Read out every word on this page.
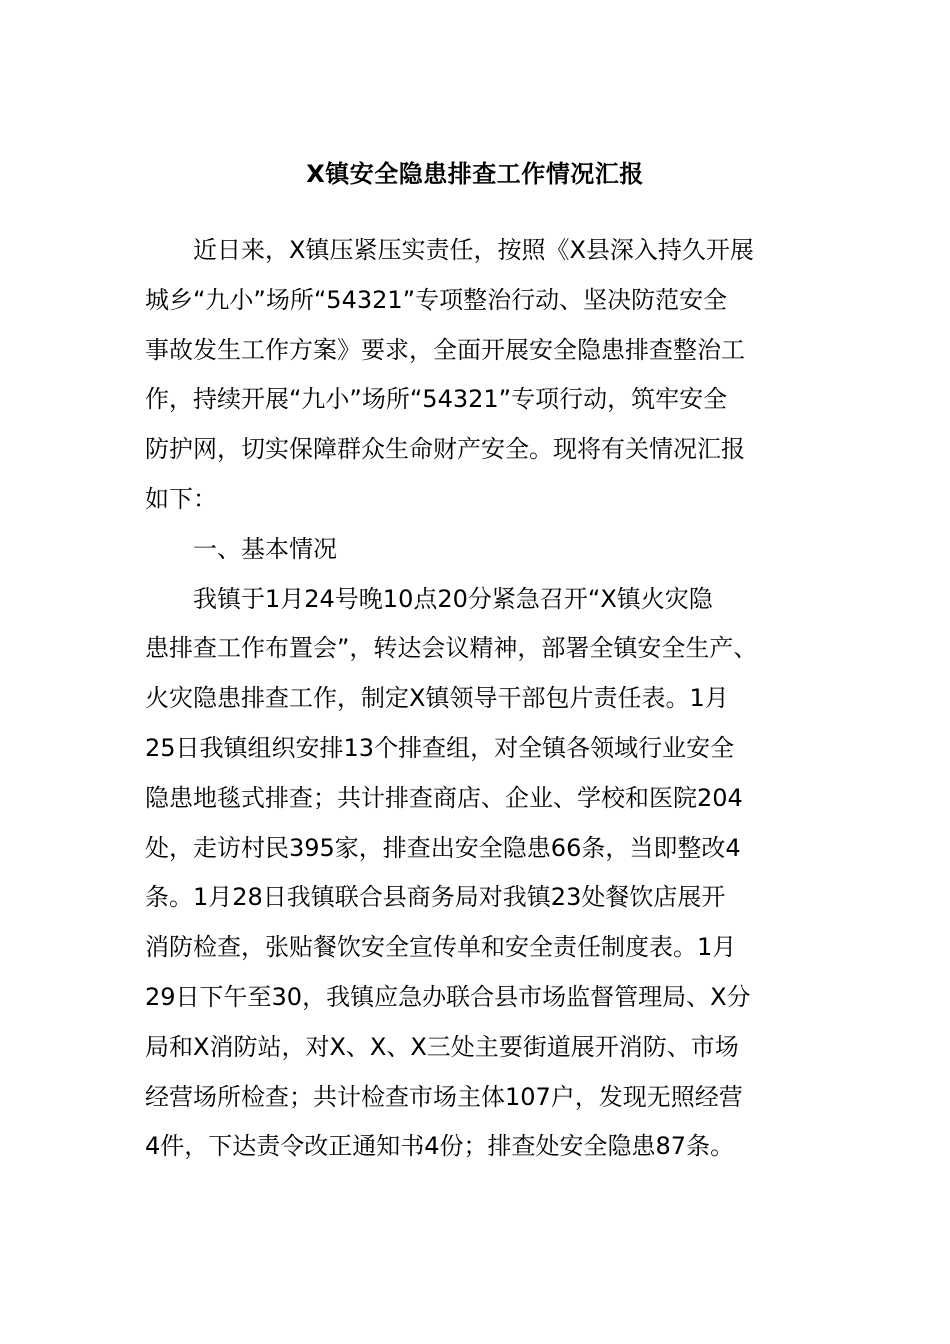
X镇安全隐患排查工作情况汇报
　　近日来，X镇压紧压实责任，按照《X县深入持久开展
城乡“九小”场所“54321”专项整治行动、坚决防范安全
事故发生工作方案》要求，全面开展安全隐患排查整治工
作，持续开展“九小”场所“54321”专项行动，筑牢安全
防护网，切实保障群众生命财产安全。现将有关情况汇报
如下：
　　一、基本情况
　　我镇于1月24号晚10点20分紧急召开“X镇火灾隐
患排查工作布置会”，转达会议精神，部署全镇安全生产、
火灾隐患排查工作，制定X镇领导干部包片责任表。1月
25日我镇组织安排13个排查组，对全镇各领域行业安全
隐患地毯式排查；共计排查商店、企业、学校和医院204
处，走访村民395家，排查出安全隐患66条，当即整改4
条。1月28日我镇联合县商务局对我镇23处餐饮店展开
消防检查，张贴餐饮安全宣传单和安全责任制度表。1月
29日下午至30，我镇应急办联合县市场监督管理局、X分
局和X消防站，对X、X、X三处主要街道展开消防、市场
经营场所检查；共计检查市场主体107户，发现无照经营
4件，下达责令改正通知书4份；排查处安全隐患87条。
